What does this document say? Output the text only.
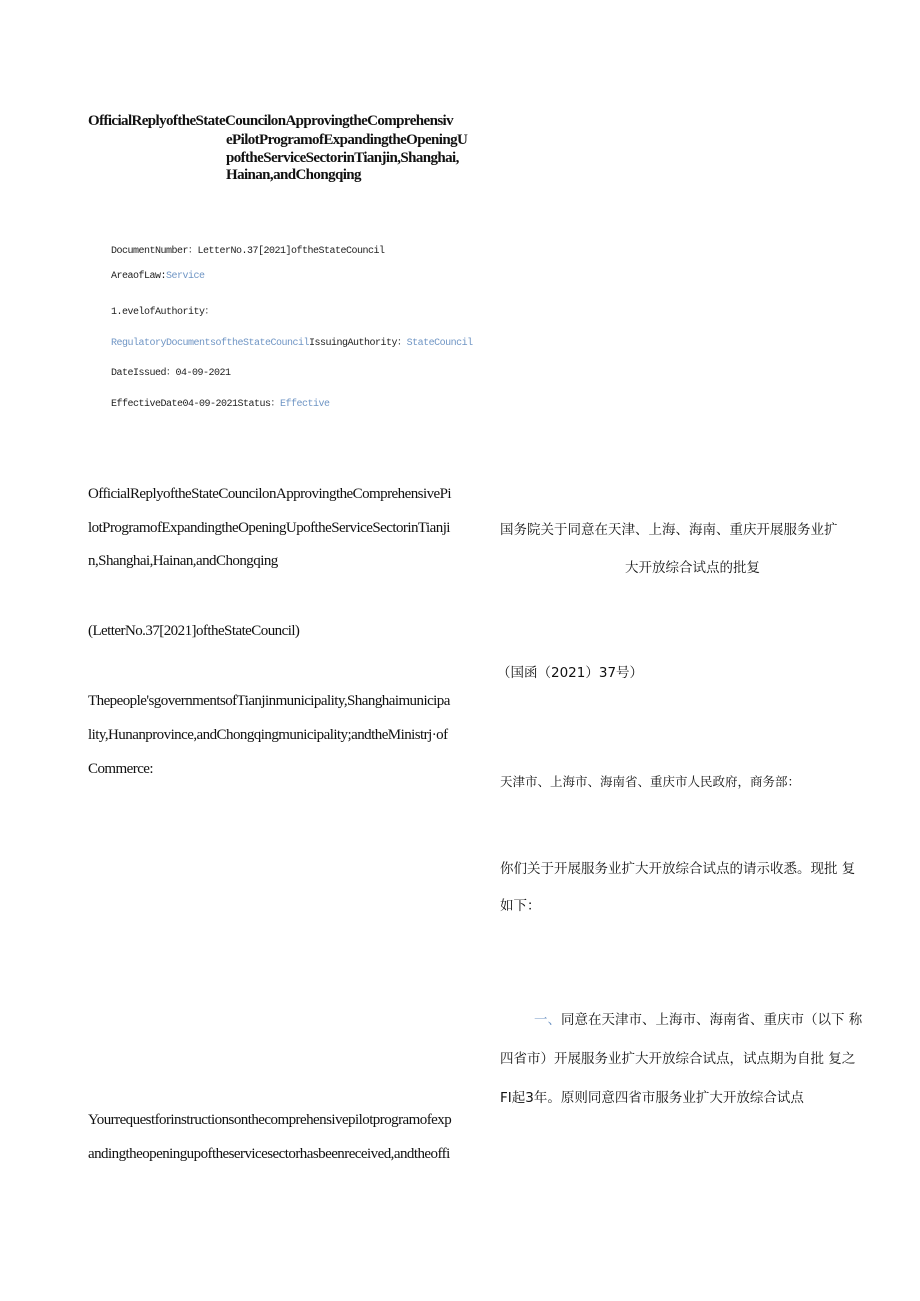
OfficialReplyoftheStateCouncilonApprovingtheComprehensiv
ePilotProgramofExpandingtheOpeningU
poftheServiceSectorinTianjin,Shanghai,
Hainan,andChongqing
DocumentNumber：LetterNo.37[2021]oftheStateCouncil
AreaofLaw:Service
1.evelofAuthority：
RegulatoryDocumentsoftheStateCouncilIssuingAuthority：StateCouncil
DateIssued：04-09-2021
EffectiveDate04-09-2021Status：Effective
OfficialReplyoftheStateCouncilonApprovingtheComprehensivePi
lotProgramofExpandingtheOpeningUpoftheServiceSectorinTianji
n,Shanghai,Hainan,andChongqing
(LetterNo.37[2021]oftheStateCouncil)
Thepeople'sgovernmentsofTianjinmunicipality,Shanghaimunicipa
lity,Hunanprovince,andChongqingmunicipality;andtheMinistrj·of
Commerce:
Yourrequestforinstructionsonthecomprehensivepilotprogramofexp
andingtheopeningupoftheservicesectorhasbeenreceived,andtheoffi
国务院关于同意在天津、上海、海南、重庆开展服务业扩
大开放综合试点的批复
（国函（2021）37号）
天津市、上海市、海南省、重庆市人民政府，商务部：
你们关于开展服务业扩大开放综合试点的请示收悉。现批 复
如下：
一、同意在天津市、上海市、海南省、重庆市（以下 称
四省市）开展服务业扩大开放综合试点，试点期为自批 复之
FI起3年。原则同意四省市服务业扩大开放综合试点
